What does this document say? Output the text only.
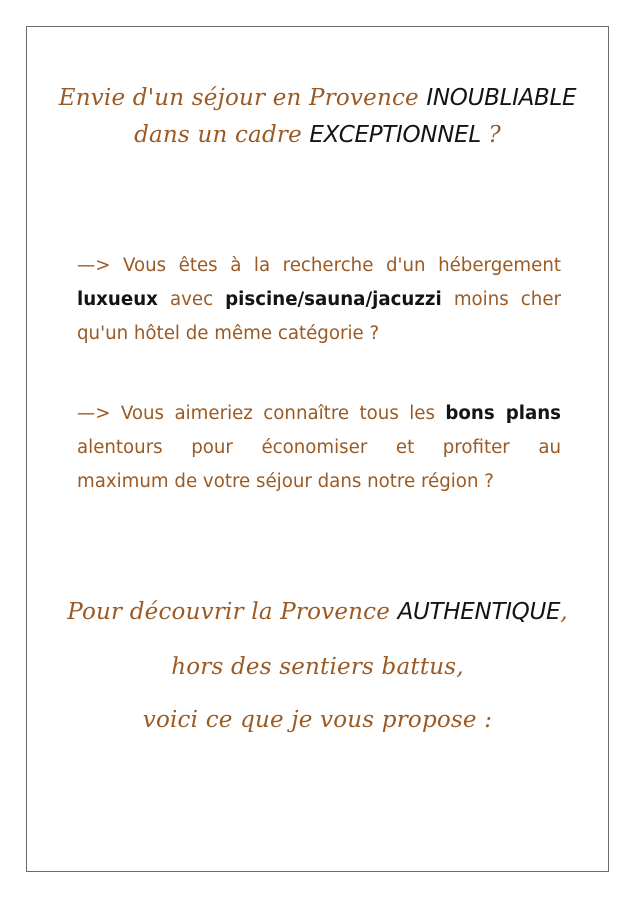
Envie d'un séjour en Provence INOUBLIABLE
dans un cadre EXCEPTIONNEL ?
—> Vous êtes à la recherche d'un hébergement
luxueux avec piscine/sauna/jacuzzi moins cher
qu'un hôtel de même catégorie ?
—> Vous aimeriez connaître tous les bons plans
alentours pour économiser et profiter au
maximum de votre séjour dans notre région ?
Pour découvrir la Provence AUTHENTIQUE,
hors des sentiers battus,
voici ce que je vous propose :
